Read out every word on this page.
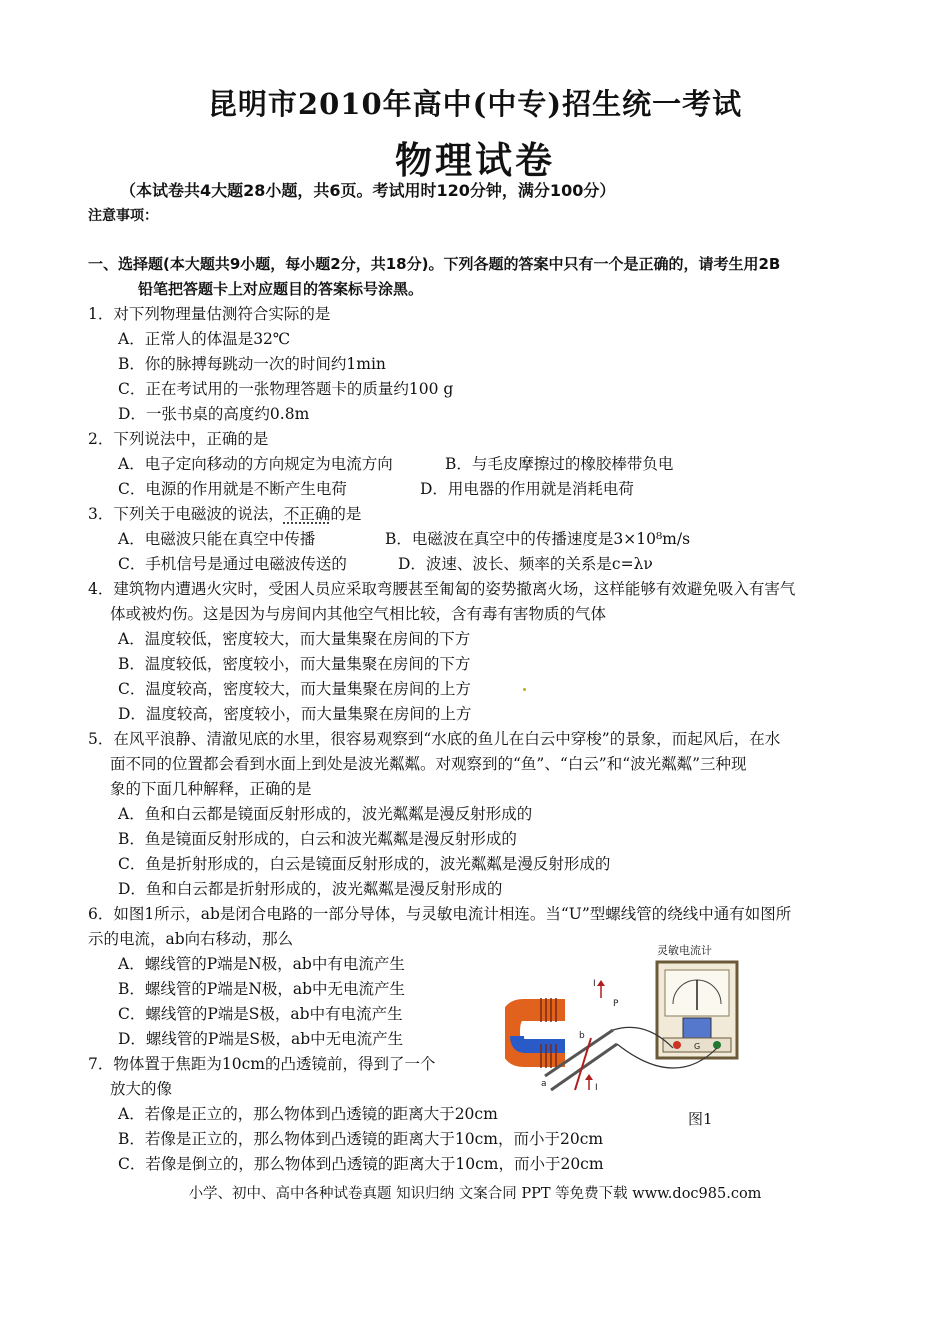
昆明市2010年高中(中专)招生统一考试
物理试卷
（本试卷共4大题28小题，共6页。考试用时120分钟，满分100分）
注意事项：
一、选择题(本大题共9小题，每小题2分，共18分)。下列各题的答案中只有一个是正确的，请考生用2B
铅笔把答题卡上对应题目的答案标号涂黑。
1．对下列物理量估测符合实际的是
A．正常人的体温是32℃
B．你的脉搏每跳动一次的时间约1min
C．正在考试用的一张物理答题卡的质量约100 g
D．一张书桌的高度约0.8m
2．下列说法中，正确的是
A．电子定向移动的方向规定为电流方向	B．与毛皮摩擦过的橡胶棒带负电
C．电源的作用就是不断产生电荷	D．用电器的作用就是消耗电荷
3．下列关于电磁波的说法，不正确的是
A．电磁波只能在真空中传播	B．电磁波在真空中的传播速度是3×10⁸m/s
C．手机信号是通过电磁波传送的	D．波速、波长、频率的关系是c=λν
4．建筑物内遭遇火灾时，受困人员应采取弯腰甚至匍匐的姿势撤离火场，这样能够有效避免吸入有害气
体或被灼伤。这是因为与房间内其他空气相比较，含有毒有害物质的气体
A．温度较低，密度较大，而大量集聚在房间的下方
B．温度较低，密度较小，而大量集聚在房间的下方
C．温度较高，密度较大，而大量集聚在房间的上方
D．温度较高，密度较小，而大量集聚在房间的上方
5．在风平浪静、清澈见底的水里，很容易观察到“水底的鱼儿在白云中穿梭”的景象，而起风后，在水
面不同的位置都会看到水面上到处是波光粼粼。对观察到的“鱼”、“白云”和“波光粼粼”三种现
象的下面几种解释，正确的是
A．鱼和白云都是镜面反射形成的，波光粼粼是漫反射形成的
B．鱼是镜面反射形成的，白云和波光粼粼是漫反射形成的
C．鱼是折射形成的，白云是镜面反射形成的，波光粼粼是漫反射形成的
D．鱼和白云都是折射形成的，波光粼粼是漫反射形成的
6．如图1所示，ab是闭合电路的一部分导体，与灵敏电流计相连。当“U”型螺线管的绕线中通有如图所
示的电流，ab向右移动，那么
A．螺线管的P端是N极，ab中有电流产生
B．螺线管的P端是N极，ab中无电流产生
C．螺线管的P端是S极，ab中有电流产生
D．螺线管的P端是S极，ab中无电流产生
7．物体置于焦距为10cm的凸透镜前，得到了一个
放大的像
A．若像是正立的，那么物体到凸透镜的距离大于20cm
B．若像是正立的，那么物体到凸透镜的距离大于10cm，而小于20cm
C．若像是倒立的，那么物体到凸透镜的距离大于10cm，而小于20cm
灵敏电流计
G
a
b
I
P
I
图1
小学、初中、高中各种试卷真题 知识归纳 文案合同 PPT 等免费下载 www.doc985.com
